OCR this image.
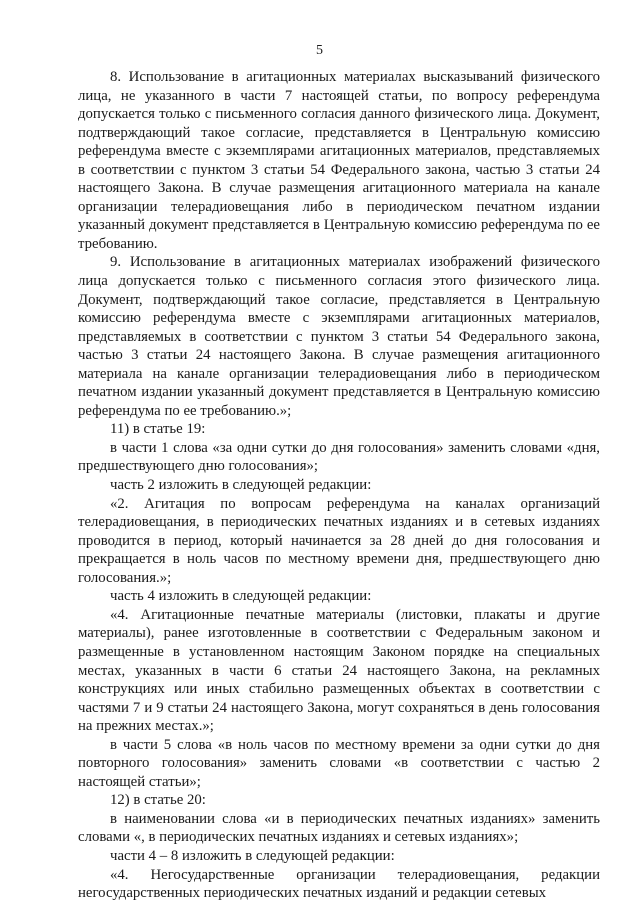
5

8. Использование в агитационных материалах высказываний физического лица, не указанного в части 7 настоящей статьи, по вопросу референдума допускается только с письменного согласия данного физического лица. Документ, подтверждающий такое согласие, представляется в Центральную комиссию референдума вместе с экземплярами агитационных материалов, представляемых в соответствии с пунктом 3 статьи 54 Федерального закона, частью 3 статьи 24 настоящего Закона. В случае размещения агитационного материала на канале организации телерадиовещания либо в периодическом печатном издании указанный документ представляется в Центральную комиссию референдума по ее требованию.

9. Использование в агитационных материалах изображений физического лица допускается только с письменного согласия этого физического лица. Документ, подтверждающий такое согласие, представляется в Центральную комиссию референдума вместе с экземплярами агитационных материалов, представляемых в соответствии с пунктом 3 статьи 54 Федерального закона, частью 3 статьи 24 настоящего Закона. В случае размещения агитационного материала на канале организации телерадиовещания либо в периодическом печатном издании указанный документ представляется в Центральную комиссию референдума по ее требованию.»;

11) в статье 19:

в части 1 слова «за одни сутки до дня голосования» заменить словами «дня, предшествующего дню голосования»;

часть 2 изложить в следующей редакции:

«2. Агитация по вопросам референдума на каналах организаций телерадиовещания, в периодических печатных изданиях и в сетевых изданиях проводится в период, который начинается за 28 дней до дня голосования и прекращается в ноль часов по местному времени дня, предшествующего дню голосования.»;

часть 4 изложить в следующей редакции:

«4. Агитационные печатные материалы (листовки, плакаты и другие материалы), ранее изготовленные в соответствии с Федеральным законом и размещенные в установленном настоящим Законом порядке на специальных местах, указанных в части 6 статьи 24 настоящего Закона, на рекламных конструкциях или иных стабильно размещенных объектах в соответствии с частями 7 и 9 статьи 24 настоящего Закона, могут сохраняться в день голосования на прежних местах.»;

в части 5 слова «в ноль часов по местному времени за одни сутки до дня повторного голосования» заменить словами «в соответствии с частью 2 настоящей статьи»;

12) в статье 20:

в наименовании слова «и в периодических печатных изданиях» заменить словами «, в периодических печатных изданиях и сетевых изданиях»;

части 4 – 8 изложить в следующей редакции:

«4. Негосударственные организации телерадиовещания, редакции негосударственных периодических печатных изданий и редакции сетевых
